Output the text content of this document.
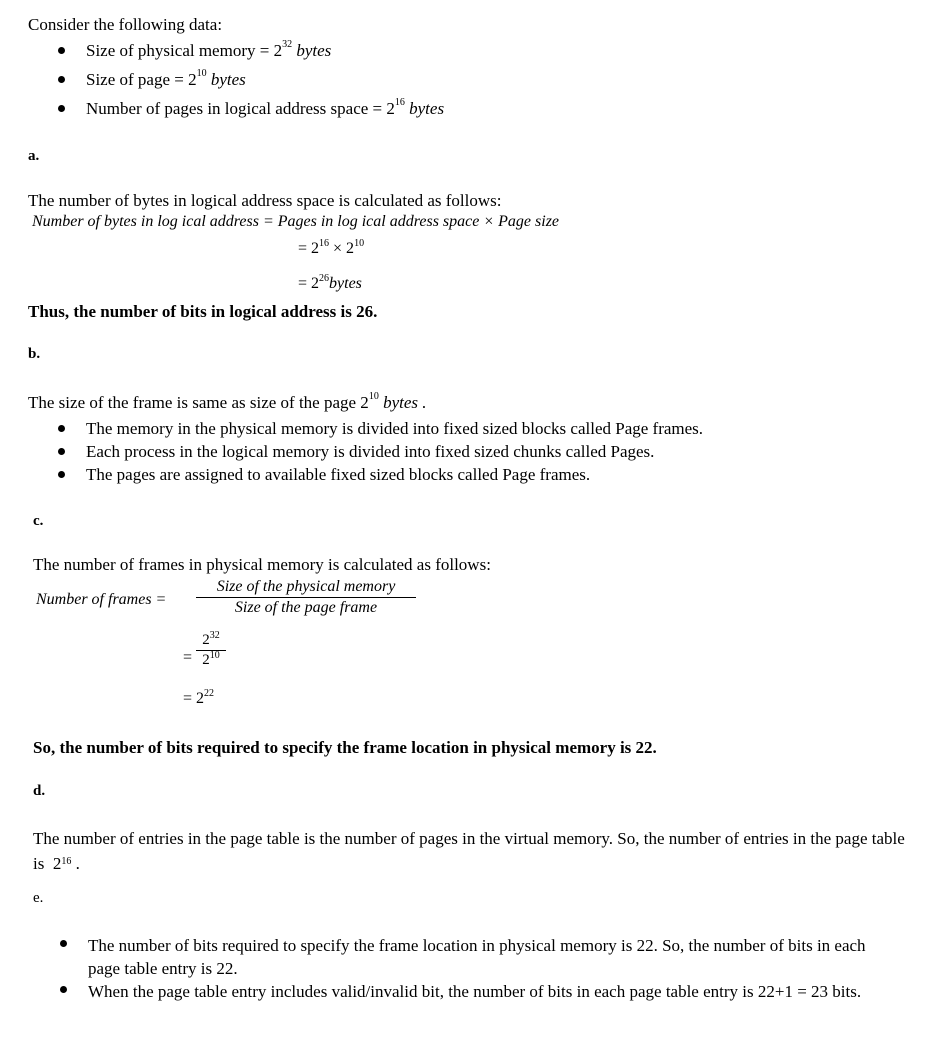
Consider the following data:
Size of physical memory = $2^{32}$ bytes
Size of page = $2^{10}$ bytes
Number of pages in logical address space = $2^{16}$ bytes
a.
The number of bytes in logical address space is calculated as follows:
Number of bytes in log ical address = Pages in log ical address space × Page size
= $2^{16} \times 2^{10}$
= $2^{26}bytes$
Thus, the number of bits in logical address is 26.
b.
The size of the frame is same as size of the page $2^{10}$ bytes .
The memory in the physical memory is divided into fixed sized blocks called Page frames.
Each process in the logical memory is divided into fixed sized chunks called Pages.
The pages are assigned to available fixed sized blocks called Page frames.
c.
The number of frames in physical memory is calculated as follows:
Number of frames =
Size of the physical memory
Size of the page frame
=
$2^{32}$
$2^{10}$
= $2^{22}$
So, the number of bits required to specify the frame location in physical memory is 22.
d.
The number of entries in the page table is the number of pages in the virtual memory. So, the number of entries in the page table is $2^{16}$ .
e.
The number of bits required to specify the frame location in physical memory is 22. So, the number of bits in each page table entry is 22.
When the page table entry includes valid/invalid bit, the number of bits in each page table entry is 22+1 = 23 bits.
